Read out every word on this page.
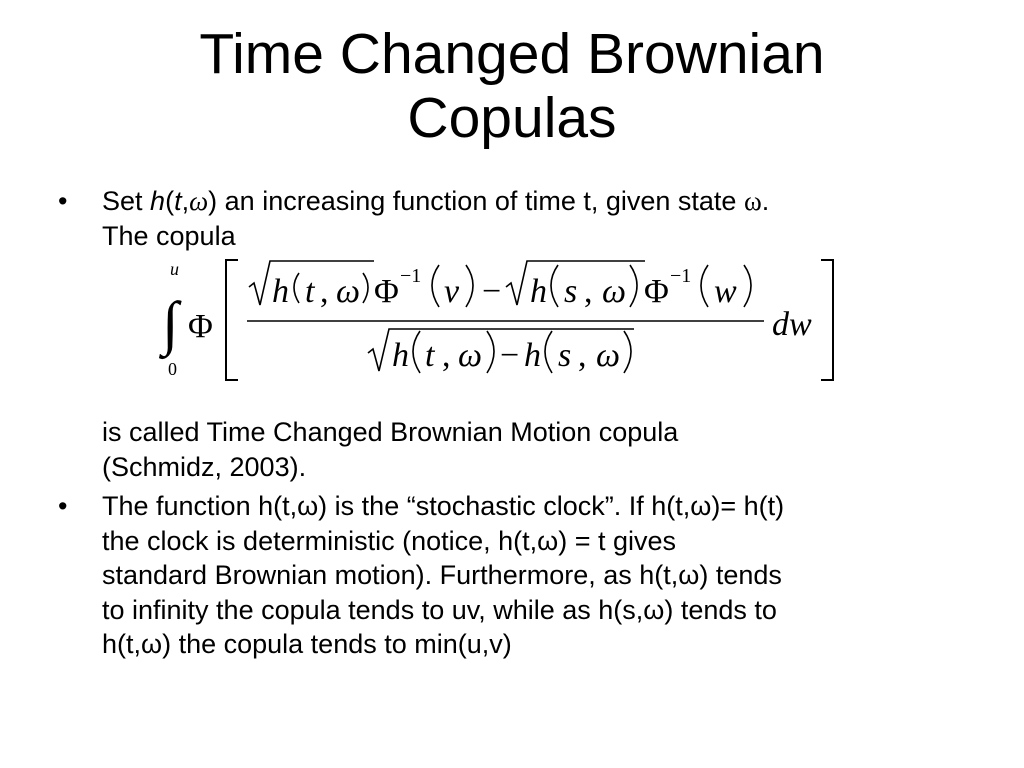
Time Changed Brownian
Copulas
• Set h(t,ω) an increasing function of time t, given state ω.
The copula
u
0
∫ Φ
h t , ω Φ −1 v − h s , ω Φ −1 w
h t , ω − h s , ω
dw
is called Time Changed Brownian Motion copula
(Schmidz, 2003).
• The function h(t,ω) is the “stochastic clock”. If h(t,ω)= h(t)
the clock is deterministic (notice, h(t,ω) = t gives
standard Brownian motion). Furthermore, as h(t,ω) tends
to infinity the copula tends to uv, while as h(s,ω) tends to
h(t,ω) the copula tends to min(u,v)
